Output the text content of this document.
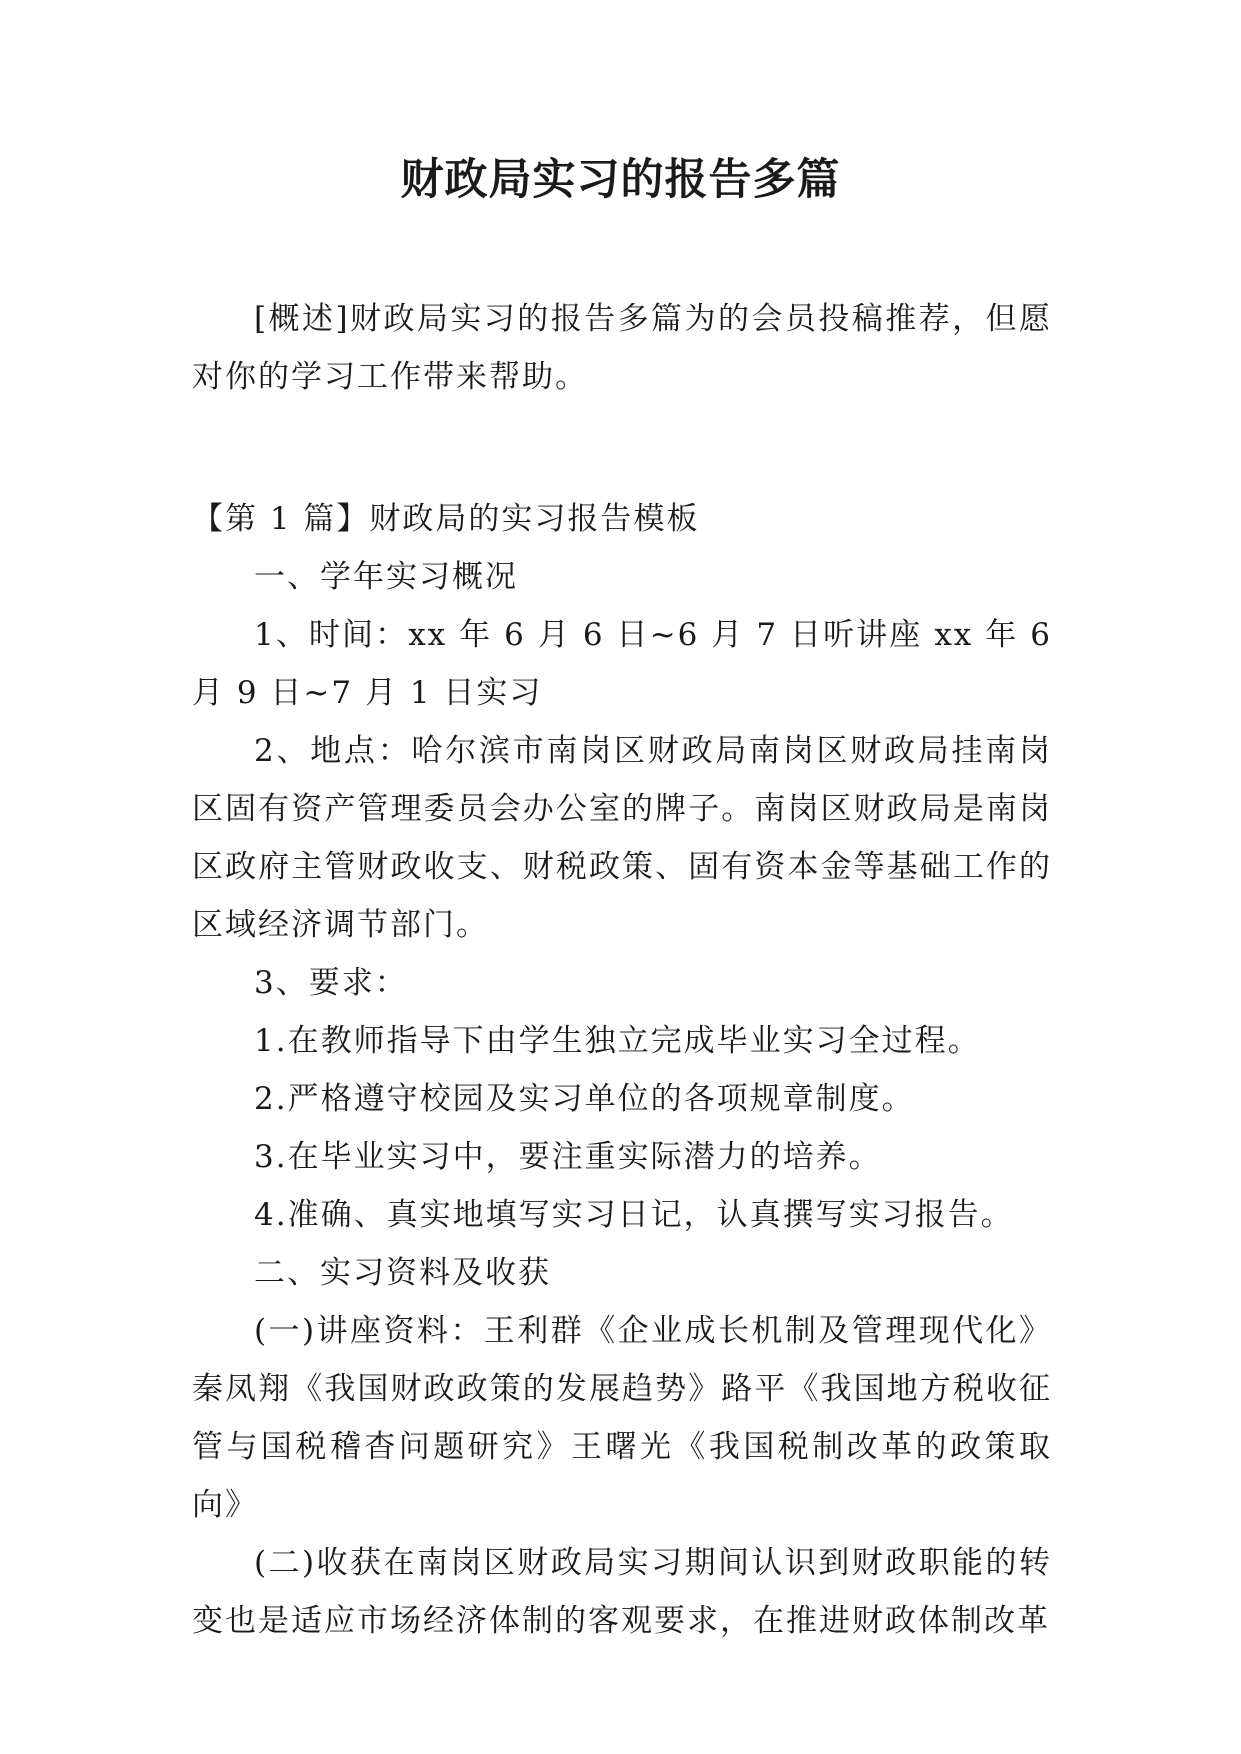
财政局实习的报告多篇

[概述]财政局实习的报告多篇为的会员投稿推荐，但愿对你的学习工作带来帮助。

【第 1 篇】财政局的实习报告模板

一、学年实习概况

1、时间：xx 年 6 月 6 日~6 月 7 日听讲座 xx 年 6 月 9 日~7 月 1 日实习

2、地点：哈尔滨市南岗区财政局南岗区财政局挂南岗区固有资产管理委员会办公室的牌子。南岗区财政局是南岗区政府主管财政收支、财税政策、固有资本金等基础工作的区域经济调节部门。

3、要求：

1.在教师指导下由学生独立完成毕业实习全过程。

2.严格遵守校园及实习单位的各项规章制度。

3.在毕业实习中，要注重实际潜力的培养。

4.准确、真实地填写实习日记，认真撰写实习报告。

二、实习资料及收获

(一)讲座资料：王利群《企业成长机制及管理现代化》秦凤翔《我国财政政策的发展趋势》路平《我国地方税收征管与国税稽杳问题研究》王曙光《我国税制改革的政策取向》

(二)收获在南岗区财政局实习期间认识到财政职能的转变也是适应市场经济体制的客观要求，在推进财政体制改革
